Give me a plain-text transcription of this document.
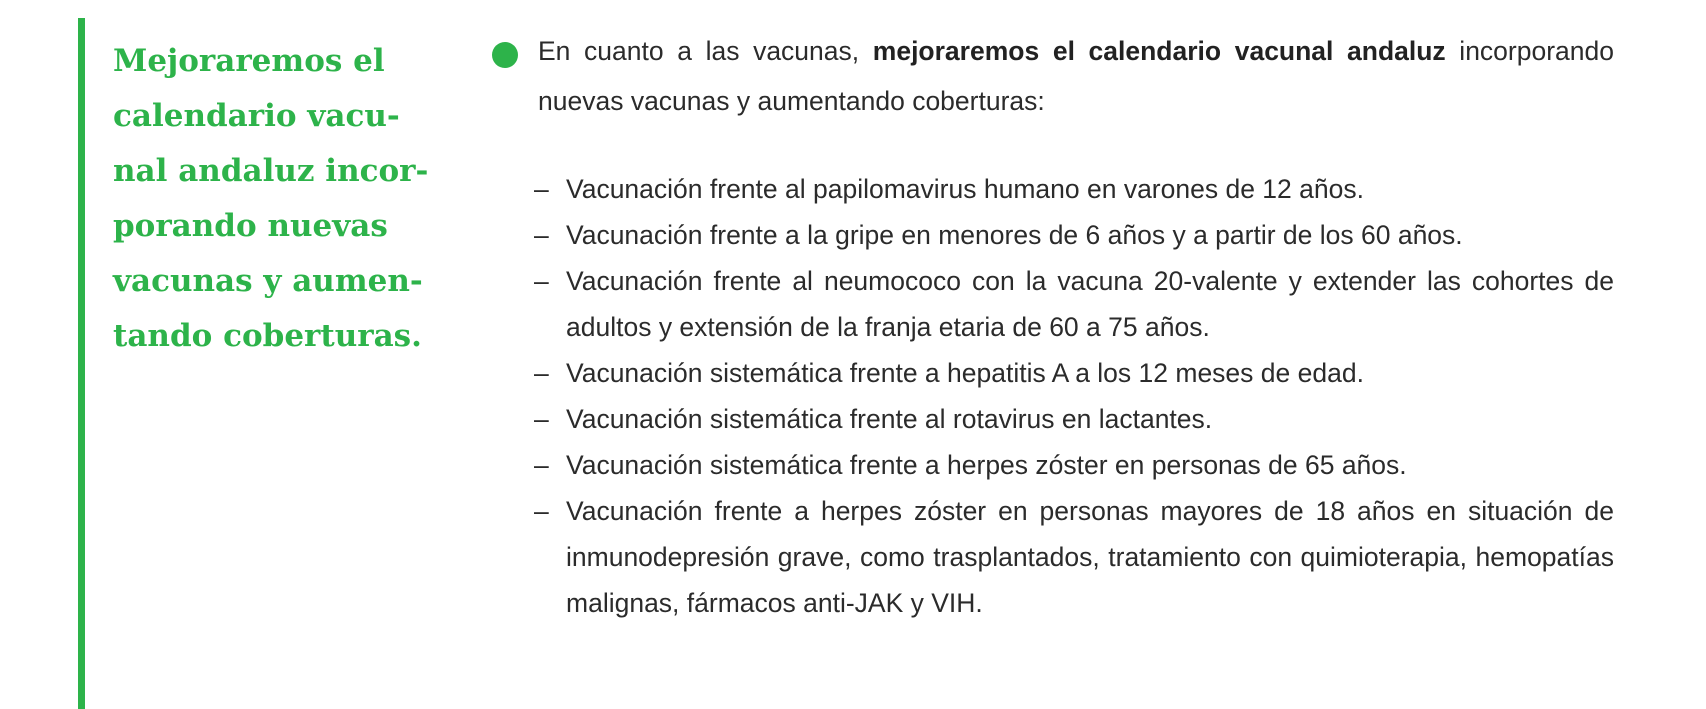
Mejoraremos el
calendario vacu-
nal andaluz incor-
porando nuevas
vacunas y aumen-
tando coberturas.

En cuanto a las vacunas, mejoraremos el calendario vacunal andaluz incorporando nuevas vacunas y aumentando coberturas:

– Vacunación frente al papilomavirus humano en varones de 12 años.
– Vacunación frente a la gripe en menores de 6 años y a partir de los 60 años.
– Vacunación frente al neumococo con la vacuna 20-valente y extender las cohortes de adultos y extensión de la franja etaria de 60 a 75 años.
– Vacunación sistemática frente a hepatitis A a los 12 meses de edad.
– Vacunación sistemática frente al rotavirus en lactantes.
– Vacunación sistemática frente a herpes zóster en personas de 65 años.
– Vacunación frente a herpes zóster en personas mayores de 18 años en situación de inmunodepresión grave, como trasplantados, tratamiento con quimioterapia, hemopatías malignas, fármacos anti-JAK y VIH.
